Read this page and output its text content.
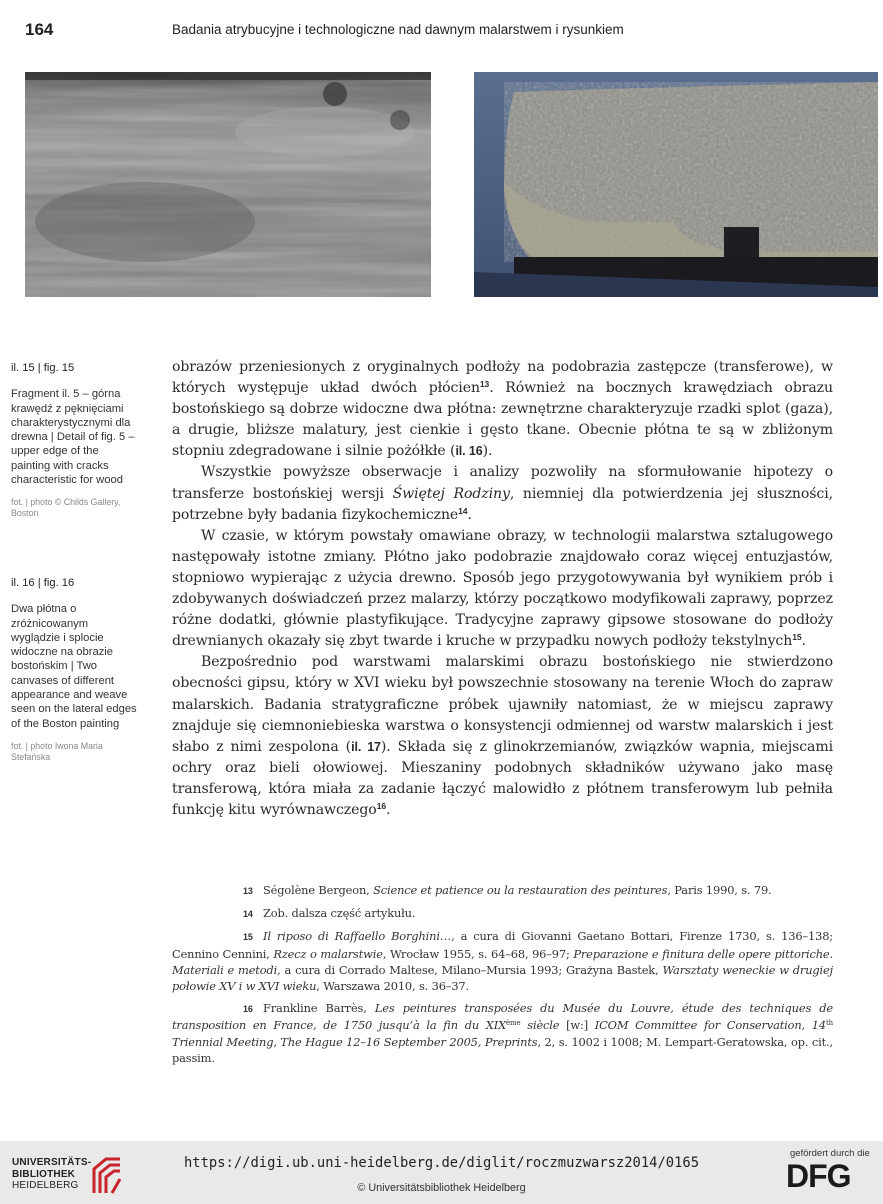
164	Badania atrybucyjne i technologiczne nad dawnym malarstwem i rysunkiem
il. 15 | fig. 15
Fragment il. 5 – górna krawędź z pęknięciami charakterystycznymi dla drewna | Detail of fig. 5 – upper edge of the painting with cracks characteristic for wood
fot. | photo © Childs Gallery, Boston
il. 16 | fig. 16
Dwa płótna o zróżnicowanym wyglądzie i splocie widoczne na obrazie bostońskim | Two canvases of different appearance and weave seen on the lateral edges of the Boston painting
fot. | photo Iwona Maria Stefańska

obrazów przeniesionych z oryginalnych podłoży na podobrazia zastępcze (transferowe), w których występuje układ dwóch płócien$^{13}$. Również na bocznych krawędziach obrazu bostońskiego są dobrze widoczne dwa płótna: zewnętrzne charakteryzuje rzadki splot (gaza), a drugie, bliższe malatury, jest cienkie i gęsto tkane. Obecnie płótna te są w zbliżonym stopniu zdegradowane i silnie pożółkłe (il. 16).

Wszystkie powyższe obserwacje i analizy pozwoliły na sformułowanie hipotezy o transferze bostońskiej wersji Świętej Rodziny, niemniej dla potwierdzenia jej słuszności, potrzebne były badania fizykochemiczne$^{14}$.

W czasie, w którym powstały omawiane obrazy, w technologii malarstwa sztalugowego następowały istotne zmiany. Płótno jako podobrazie znajdowało coraz więcej entuzjastów, stopniowo wypierając z użycia drewno. Sposób jego przygotowywania był wynikiem prób i zdobywanych doświadczeń przez malarzy, którzy początkowo modyfikowali zaprawy, poprzez różne dodatki, głównie plastyfikujące. Tradycyjne zaprawy gipsowe stosowane do podłoży drewnianych okazały się zbyt twarde i kruche w przypadku nowych podłoży tekstylnych$^{15}$.

Bezpośrednio pod warstwami malarskimi obrazu bostońskiego nie stwierdzono obecności gipsu, który w XVI wieku był powszechnie stosowany na terenie Włoch do zapraw malarskich. Badania stratygraficzne próbek ujawniły natomiast, że w miejscu zaprawy znajduje się ciemnoniebieska warstwa o konsystencji odmiennej od warstw malarskich i jest słabo z nimi zespolona (il. 17). Składa się z glinokrzemianów, związków wapnia, miejscami ochry oraz bieli ołowiowej. Mieszaniny podobnych składników używano jako masę transferową, która miała za zadanie łączyć malowidło z płótnem transferowym lub pełniła funkcję kitu wyrównawczego$^{16}$.

13 Ségolène Bergeon, Science et patience ou la restauration des peintures, Paris 1990, s. 79.
14 Zob. dalsza część artykułu.
15 Il riposo di Raffaello Borghini…, a cura di Giovanni Gaetano Bottari, Firenze 1730, s. 136–138; Cennino Cennini, Rzecz o malarstwie, Wrocław 1955, s. 64–68, 96–97; Preparazione e finitura delle opere pittoriche. Materiali e metodi, a cura di Corrado Maltese, Milano–Mursia 1993; Grażyna Bastek, Warsztaty weneckie w drugiej połowie XV i w XVI wieku, Warszawa 2010, s. 36–37.
16 Frankline Barrès, Les peintures transposées du Musée du Louvre, étude des techniques de transposition en France, de 1750 jusqu’à la fin du XIXème siècle [w:] ICOM Committee for Conservation, 14th Triennial Meeting, The Hague 12–16 September 2005, Preprints, 2, s. 1002 i 1008; M. Lempart-Geratowska, op. cit., passim.
UNIVERSITÄTS-
BIBLIOTHEK
HEIDELBERG
https://digi.ub.uni-heidelberg.de/diglit/roczmuzwarsz2014/0165
© Universitätsbibliothek Heidelberg
gefördert durch die
DFG
